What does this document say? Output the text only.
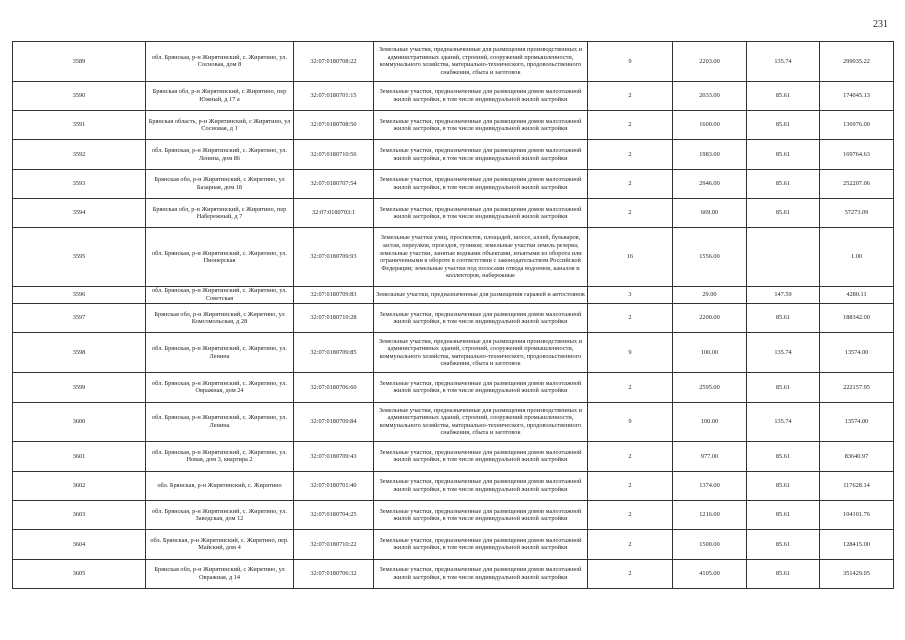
231
3589	обл. Брянская, р-н Жирятинский, с. Жирятино, ул. Сосновая, дом 8	32:07:0180708:22	Земельные участки, предназначенные для размещения производственных и административных зданий, строений, сооружений промышленности, коммунального хозяйства, материально-технического, продовольственного снабжения, сбыта и заготовок	9	2203.00	135.74	299035.22
3590	Брянская обл, р-н Жирятинский, с Жирятино, пер Южный, д 17 а	32:07:0180701:15	Земельные участки, предназначенные для размещения домов малоэтажной жилой застройки, в том числе индивидуальной жилой застройки	2	2033.00	85.61	174045.13
3591	Брянская область, р-н Жирятинский, с Жирятино, ул Сосновая, д 1	32:07:0180708:50	Земельные участки, предназначенные для размещения домов малоэтажной жилой застройки, в том числе индивидуальной жилой застройки	2	1600.00	85.61	136976.00
3592	обл. Брянская, р-н Жирятинский, с. Жирятино, ул. Ленина, дом 86	32:07:0180710:56	Земельные участки, предназначенные для размещения домов малоэтажной жилой застройки, в том числе индивидуальной жилой застройки	2	1983.00	85.61	169764.63
3593	Брянская обл, р-н Жирятинский, с Жирятино, ул Базарная, дом 18	32:07:0180707:54	Земельные участки, предназначенные для размещения домов малоэтажной жилой застройки, в том числе индивидуальной жилой застройки	2	2946.00	85.61	252207.06
3594	Брянская обл, р-н Жирятинский, с Жирятино, пер Набережный, д 7	32:07:0180703:1	Земельные участки, предназначенные для размещения домов малоэтажной жилой застройки, в том числе индивидуальной жилой застройки	2	669.00	85.61	57273.09
3595	обл. Брянская, р-н Жирятинский, с. Жирятино, ул. Пионерская	32:07:0180709:93	Земельные участки улиц, проспектов, площадей, шоссе, аллей, бульваров, застав, переулков, проездов, тупиков; земельные участки земель резерва; земельные участки, занятые водными объектами, изъятыми из оборота или ограниченными в обороте в соответствии с законодательством Российской Федерации; земельные участки под полосами отвода водоемов, каналов и коллекторов, набережные	16	1556.00		1.00
3596	обл. Брянская, р-н Жирятинский, с. Жирятино, ул. Советская	32:07:0180709:83	Земельные участки, предназначенные для размещения гаражей и автостоянок	3	29.00	147.59	4280.11
3597	Брянская обл, р-н Жирятинский, с Жирятино, ул Комсомольская, д 28	32:07:0180710:28	Земельные участки, предназначенные для размещения домов малоэтажной жилой застройки, в том числе индивидуальной жилой застройки	2	2200.00	85.61	188342.00
3598	обл. Брянская, р-н Жирятинский, с. Жирятино, ул. Ленина	32:07:0180709:85	Земельные участки, предназначенные для размещения производственных и административных зданий, строений, сооружений промышленности, коммунального хозяйства, материально-технического, продовольственного снабжения, сбыта и заготовок	9	100.00	135.74	13574.00
3599	обл. Брянская, р-н Жирятинский, с. Жирятино, ул. Овражная, дом 24	32:07:0180706:60	Земельные участки, предназначенные для размещения домов малоэтажной жилой застройки, в том числе индивидуальной жилой застройки	2	2595.00	85.61	222157.95
3600	обл. Брянская, р-н Жирятинский, с. Жирятино, ул. Ленина	32:07:0180709:84	Земельные участки, предназначенные для размещения производственных и административных зданий, строений, сооружений промышленности, коммунального хозяйства, материально-технического, продовольственного снабжения, сбыта и заготовок	9	100.00	135.74	13574.00
3601	обл. Брянская, р-н Жирятинский, с. Жирятино, ул. Новая, дом 3, квартира 2	32:07:0180709:43	Земельные участки, предназначенные для размещения домов малоэтажной жилой застройки, в том числе индивидуальной жилой застройки	2	977.00	85.61	83640.97
3602	обл. Брянская, р-н Жирятинский, с. Жирятино	32:07:0180701:40	Земельные участки, предназначенные для размещения домов малоэтажной жилой застройки, в том числе индивидуальной жилой застройки	2	1374.00	85.61	117628.14
3603	обл. Брянская, р-н Жирятинский, с. Жирятино, ул. Заводская, дом 12	32:07:0180704:25	Земельные участки, предназначенные для размещения домов малоэтажной жилой застройки, в том числе индивидуальной жилой застройки	2	1216.00	85.61	104101.76
3604	обл. Брянская, р-н Жирятинский, с. Жирятино, пер. Майский, дом 4	32:07:0180710:22	Земельные участки, предназначенные для размещения домов малоэтажной жилой застройки, в том числе индивидуальной жилой застройки	2	1500.00	85.61	128415.00
3605	Брянская обл, р-н Жирятинский, с Жирятино, ул Овражная, д 14	32:07:0180706:32	Земельные участки, предназначенные для размещения домов малоэтажной жилой застройки, в том числе индивидуальной жилой застройки	2	4105.00	85.61	351429.05
